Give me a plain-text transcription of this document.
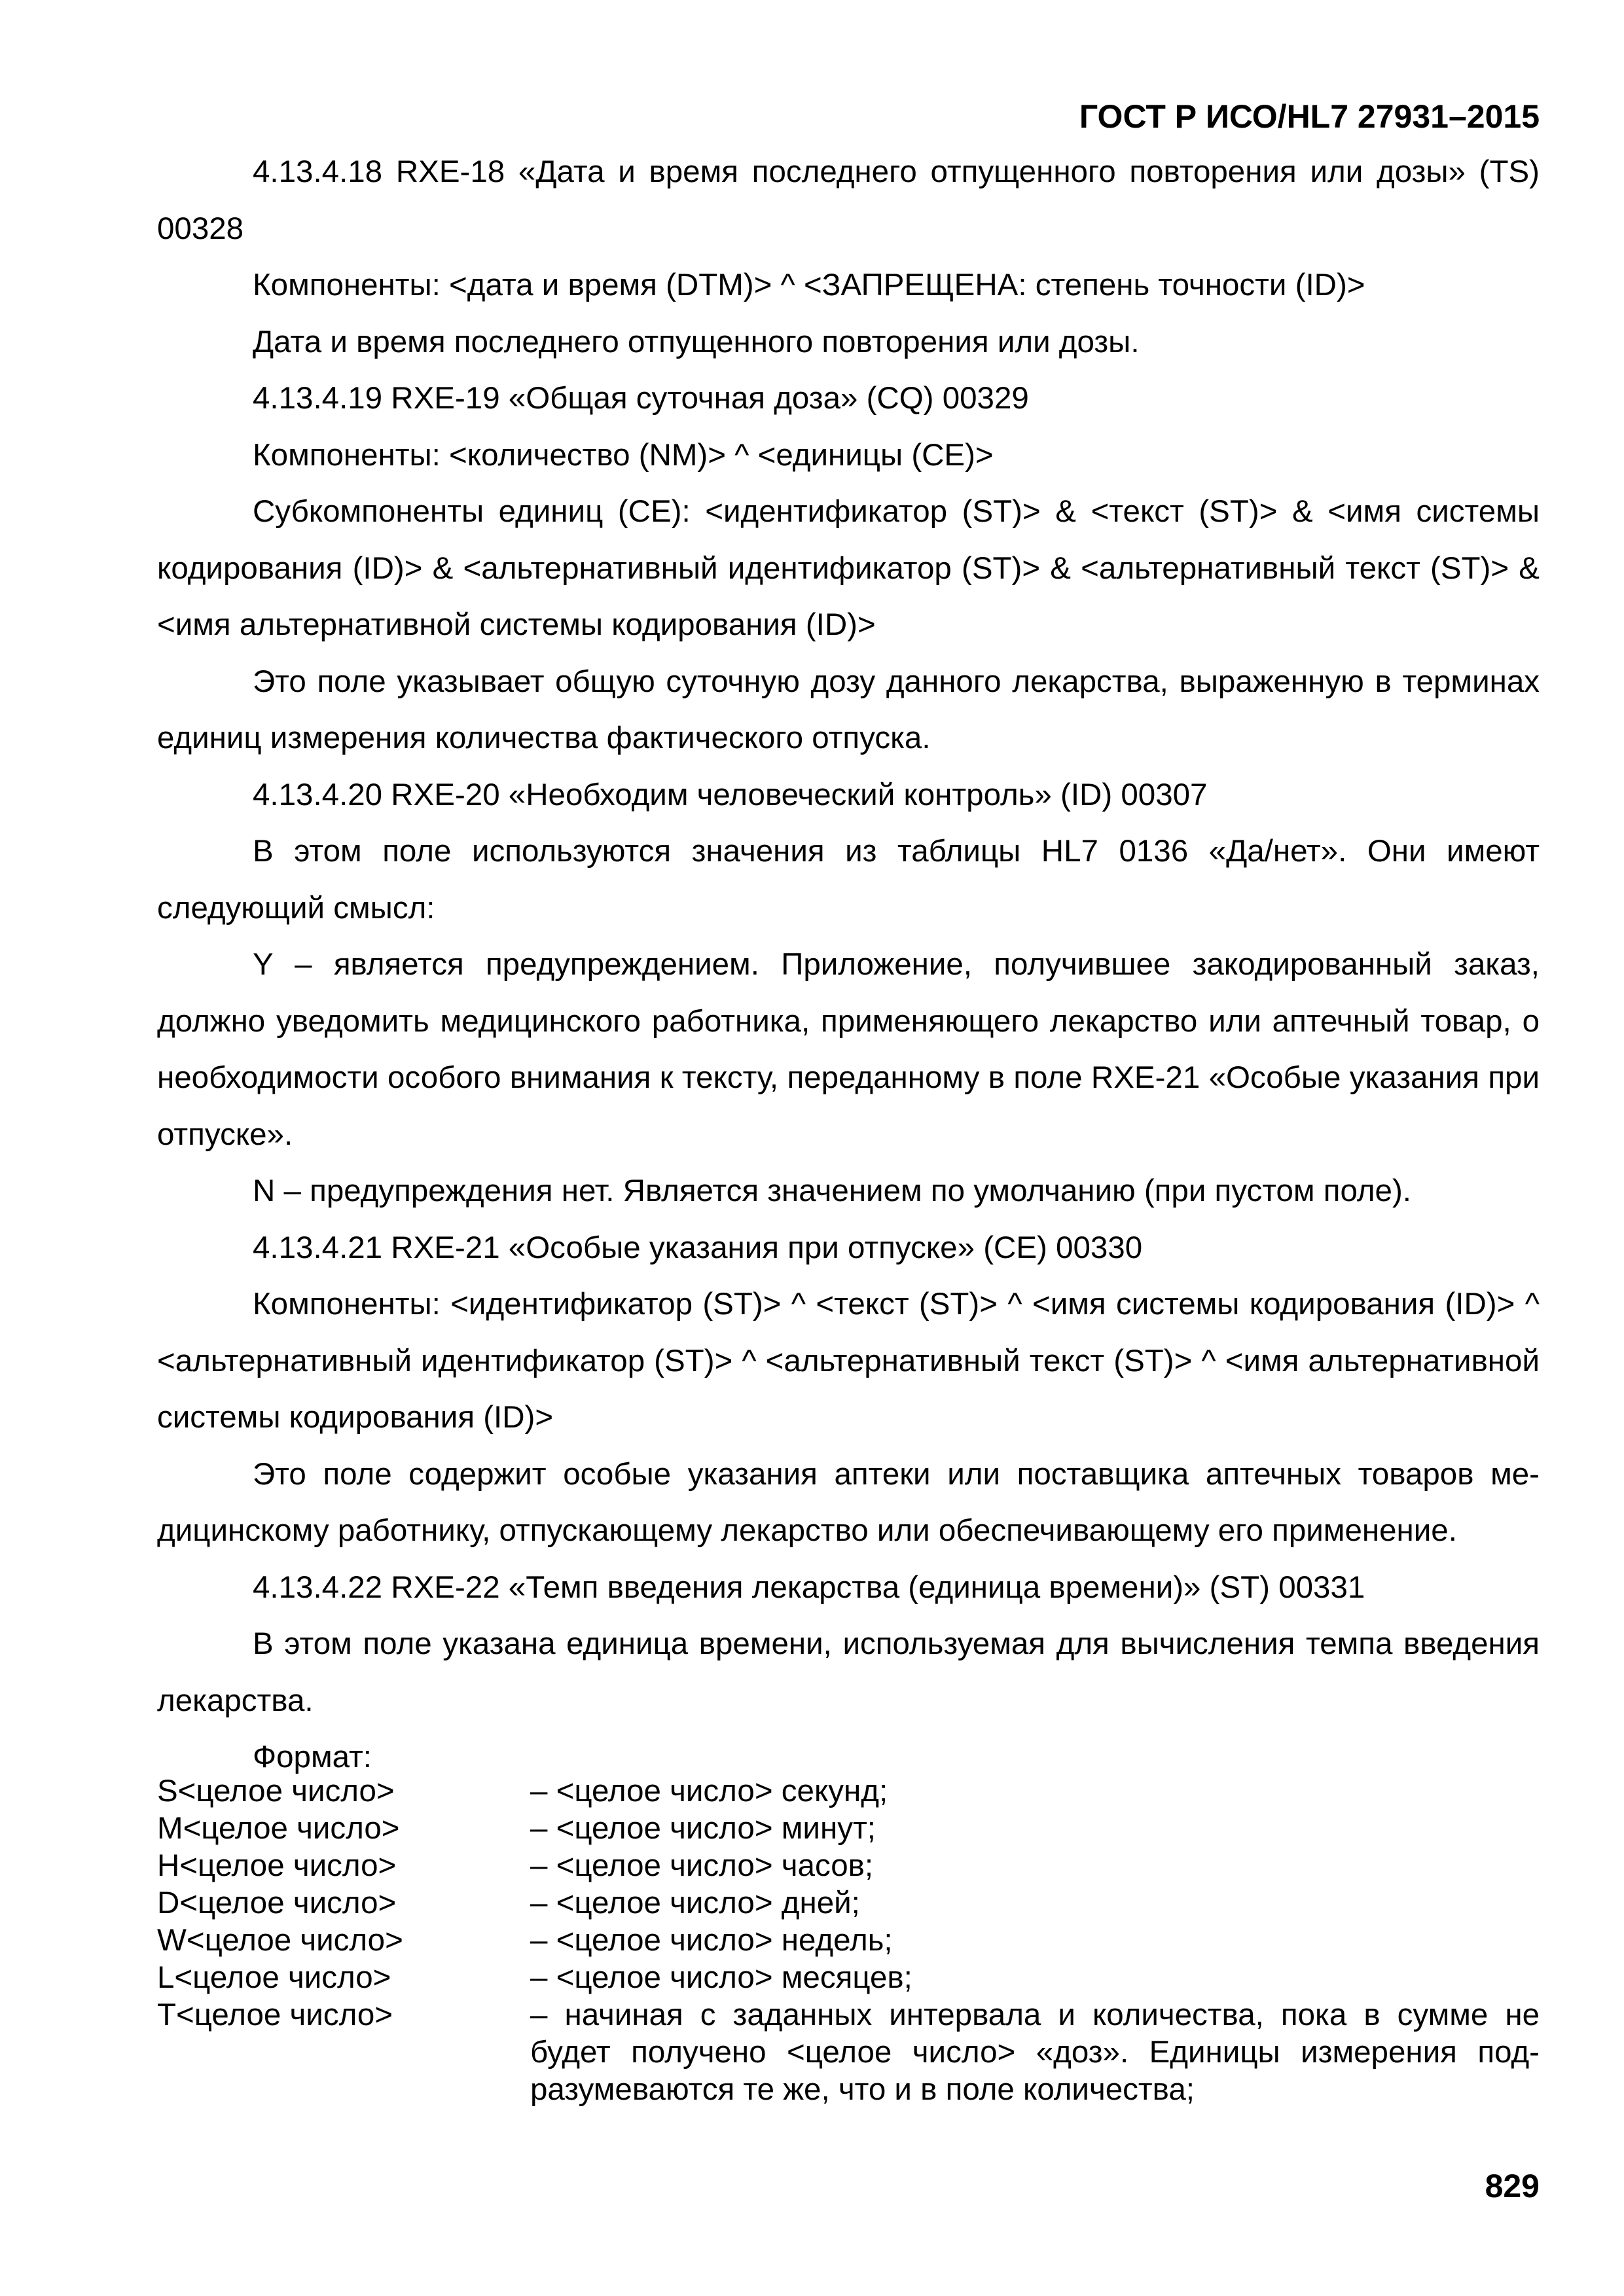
ГОСТ Р ИСО/HL7 27931–2015

4.13.4.18 RXE-18 «Дата и время последнего отпущенного повторения или дозы» (TS) 00328

Компоненты: <дата и время (DTM)> ^ <ЗАПРЕЩЕНА: степень точности (ID)>

Дата и время последнего отпущенного повторения или дозы.

4.13.4.19 RXE-19 «Общая суточная доза» (CQ) 00329

Компоненты: <количество (NM)> ^ <единицы (CE)>

Субкомпоненты единиц (CE): <идентификатор (ST)> & <текст (ST)> & <имя системы кодирования (ID)> & <альтернативный идентификатор (ST)> & <альтернативный текст (ST)> & <имя альтернативной системы кодирования (ID)>

Это поле указывает общую суточную дозу данного лекарства, выраженную в терминах единиц измерения количества фактического отпуска.

4.13.4.20 RXE-20 «Необходим человеческий контроль» (ID) 00307

В этом поле используются значения из таблицы HL7 0136 «Да/нет». Они имеют следующий смысл:

Y – является предупреждением. Приложение, получившее закодированный заказ, должно уведомить медицинского работника, применяющего лекарство или аптечный товар, о необходимости особого внимания к тексту, переданному в поле RXE-21 «Особые указания при отпуске».

N – предупреждения нет. Является значением по умолчанию (при пустом поле).

4.13.4.21 RXE-21 «Особые указания при отпуске» (CE) 00330

Компоненты: <идентификатор (ST)> ^ <текст (ST)> ^ <имя системы кодирования (ID)> ^ <альтернативный идентификатор (ST)> ^ <альтернативный текст (ST)> ^ <имя альтернативной системы кодирования (ID)>

Это поле содержит особые указания аптеки или поставщика аптечных товаров медицинскому работнику, отпускающему лекарство или обеспечивающему его применение.

4.13.4.22 RXE-22 «Темп введения лекарства (единица времени)» (ST) 00331

В этом поле указана единица времени, используемая для вычисления темпа введения лекарства.

Формат:

S<целое число>	– <целое число> секунд;
M<целое число>	– <целое число> минут;
H<целое число>	– <целое число> часов;
D<целое число>	– <целое число> дней;
W<целое число>	– <целое число> недель;
L<целое число>	– <целое число> месяцев;
T<целое число>	– начиная с заданных интервала и количества, пока в сумме не будет получено <целое число> «доз». Единицы измерения подразумеваются те же, что и в поле количества;
829
